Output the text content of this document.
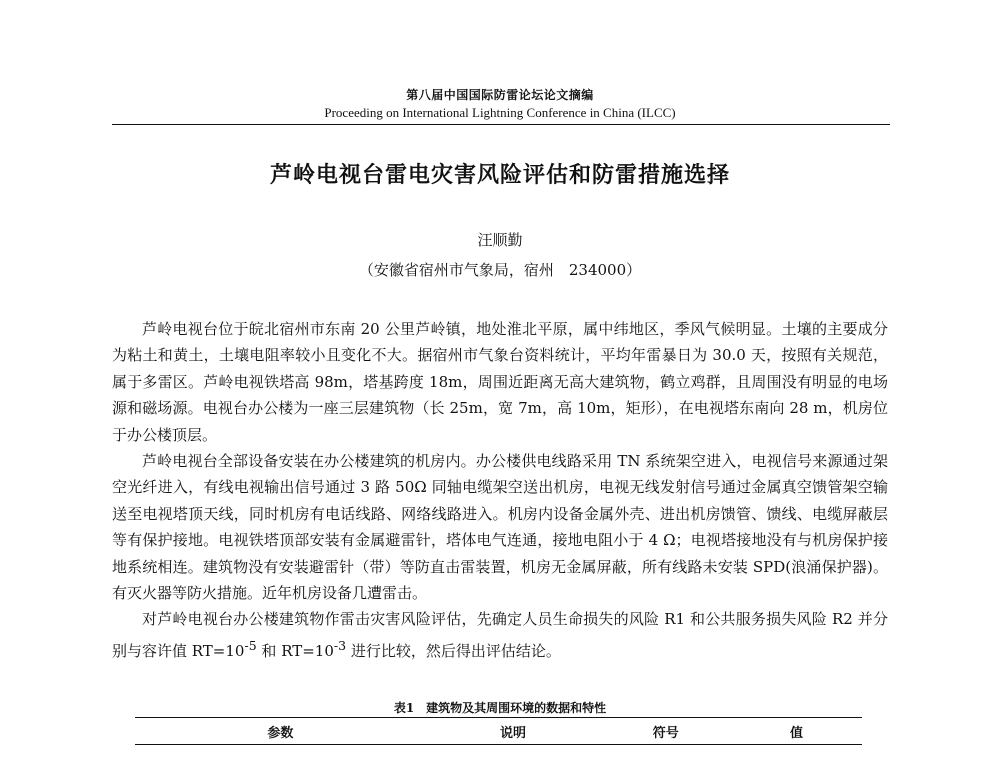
第八届中国国际防雷论坛论文摘编
Proceeding on International Lightning Conference in China (ILCC)
芦岭电视台雷电灾害风险评估和防雷措施选择
汪顺勤
（安徽省宿州市气象局，宿州　234000）

芦岭电视台位于皖北宿州市东南 20 公里芦岭镇，地处淮北平原，属中纬地区，季风气候明显。土壤的主要成分为粘土和黄土，土壤电阻率较小且变化不大。据宿州市气象台资料统计，平均年雷暴日为 30.0 天，按照有关规范，属于多雷区。芦岭电视铁塔高 98m，塔基跨度 18m，周围近距离无高大建筑物，鹤立鸡群，且周围没有明显的电场源和磁场源。电视台办公楼为一座三层建筑物（长 25m，宽 7m，高 10m，矩形），在电视塔东南向 28 m，机房位于办公楼顶层。

芦岭电视台全部设备安装在办公楼建筑的机房内。办公楼供电线路采用 TN 系统架空进入，电视信号来源通过架空光纤进入，有线电视输出信号通过 3 路 50Ω 同轴电缆架空送出机房，电视无线发射信号通过金属真空馈管架空输送至电视塔顶天线，同时机房有电话线路、网络线路进入。机房内设备金属外壳、进出机房馈管、馈线、电缆屏蔽层等有保护接地。电视铁塔顶部安装有金属避雷针，塔体电气连通，接地电阻小于 4 Ω；电视塔接地没有与机房保护接地系统相连。建筑物没有安装避雷针（带）等防直击雷装置，机房无金属屏蔽，所有线路未安装 SPD(浪涌保护器)。有灭火器等防火措施。近年机房设备几遭雷击。

对芦岭电视台办公楼建筑物作雷击灾害风险评估，先确定人员生命损失的风险 R1 和公共服务损失风险 R2 并分别与容许值 $RT=10^{-5}$ 和 $RT=10^{-3}$ 进行比较，然后得出评估结论。

表1　建筑物及其周围环境的数据和特性
参数	说明	符号	值
